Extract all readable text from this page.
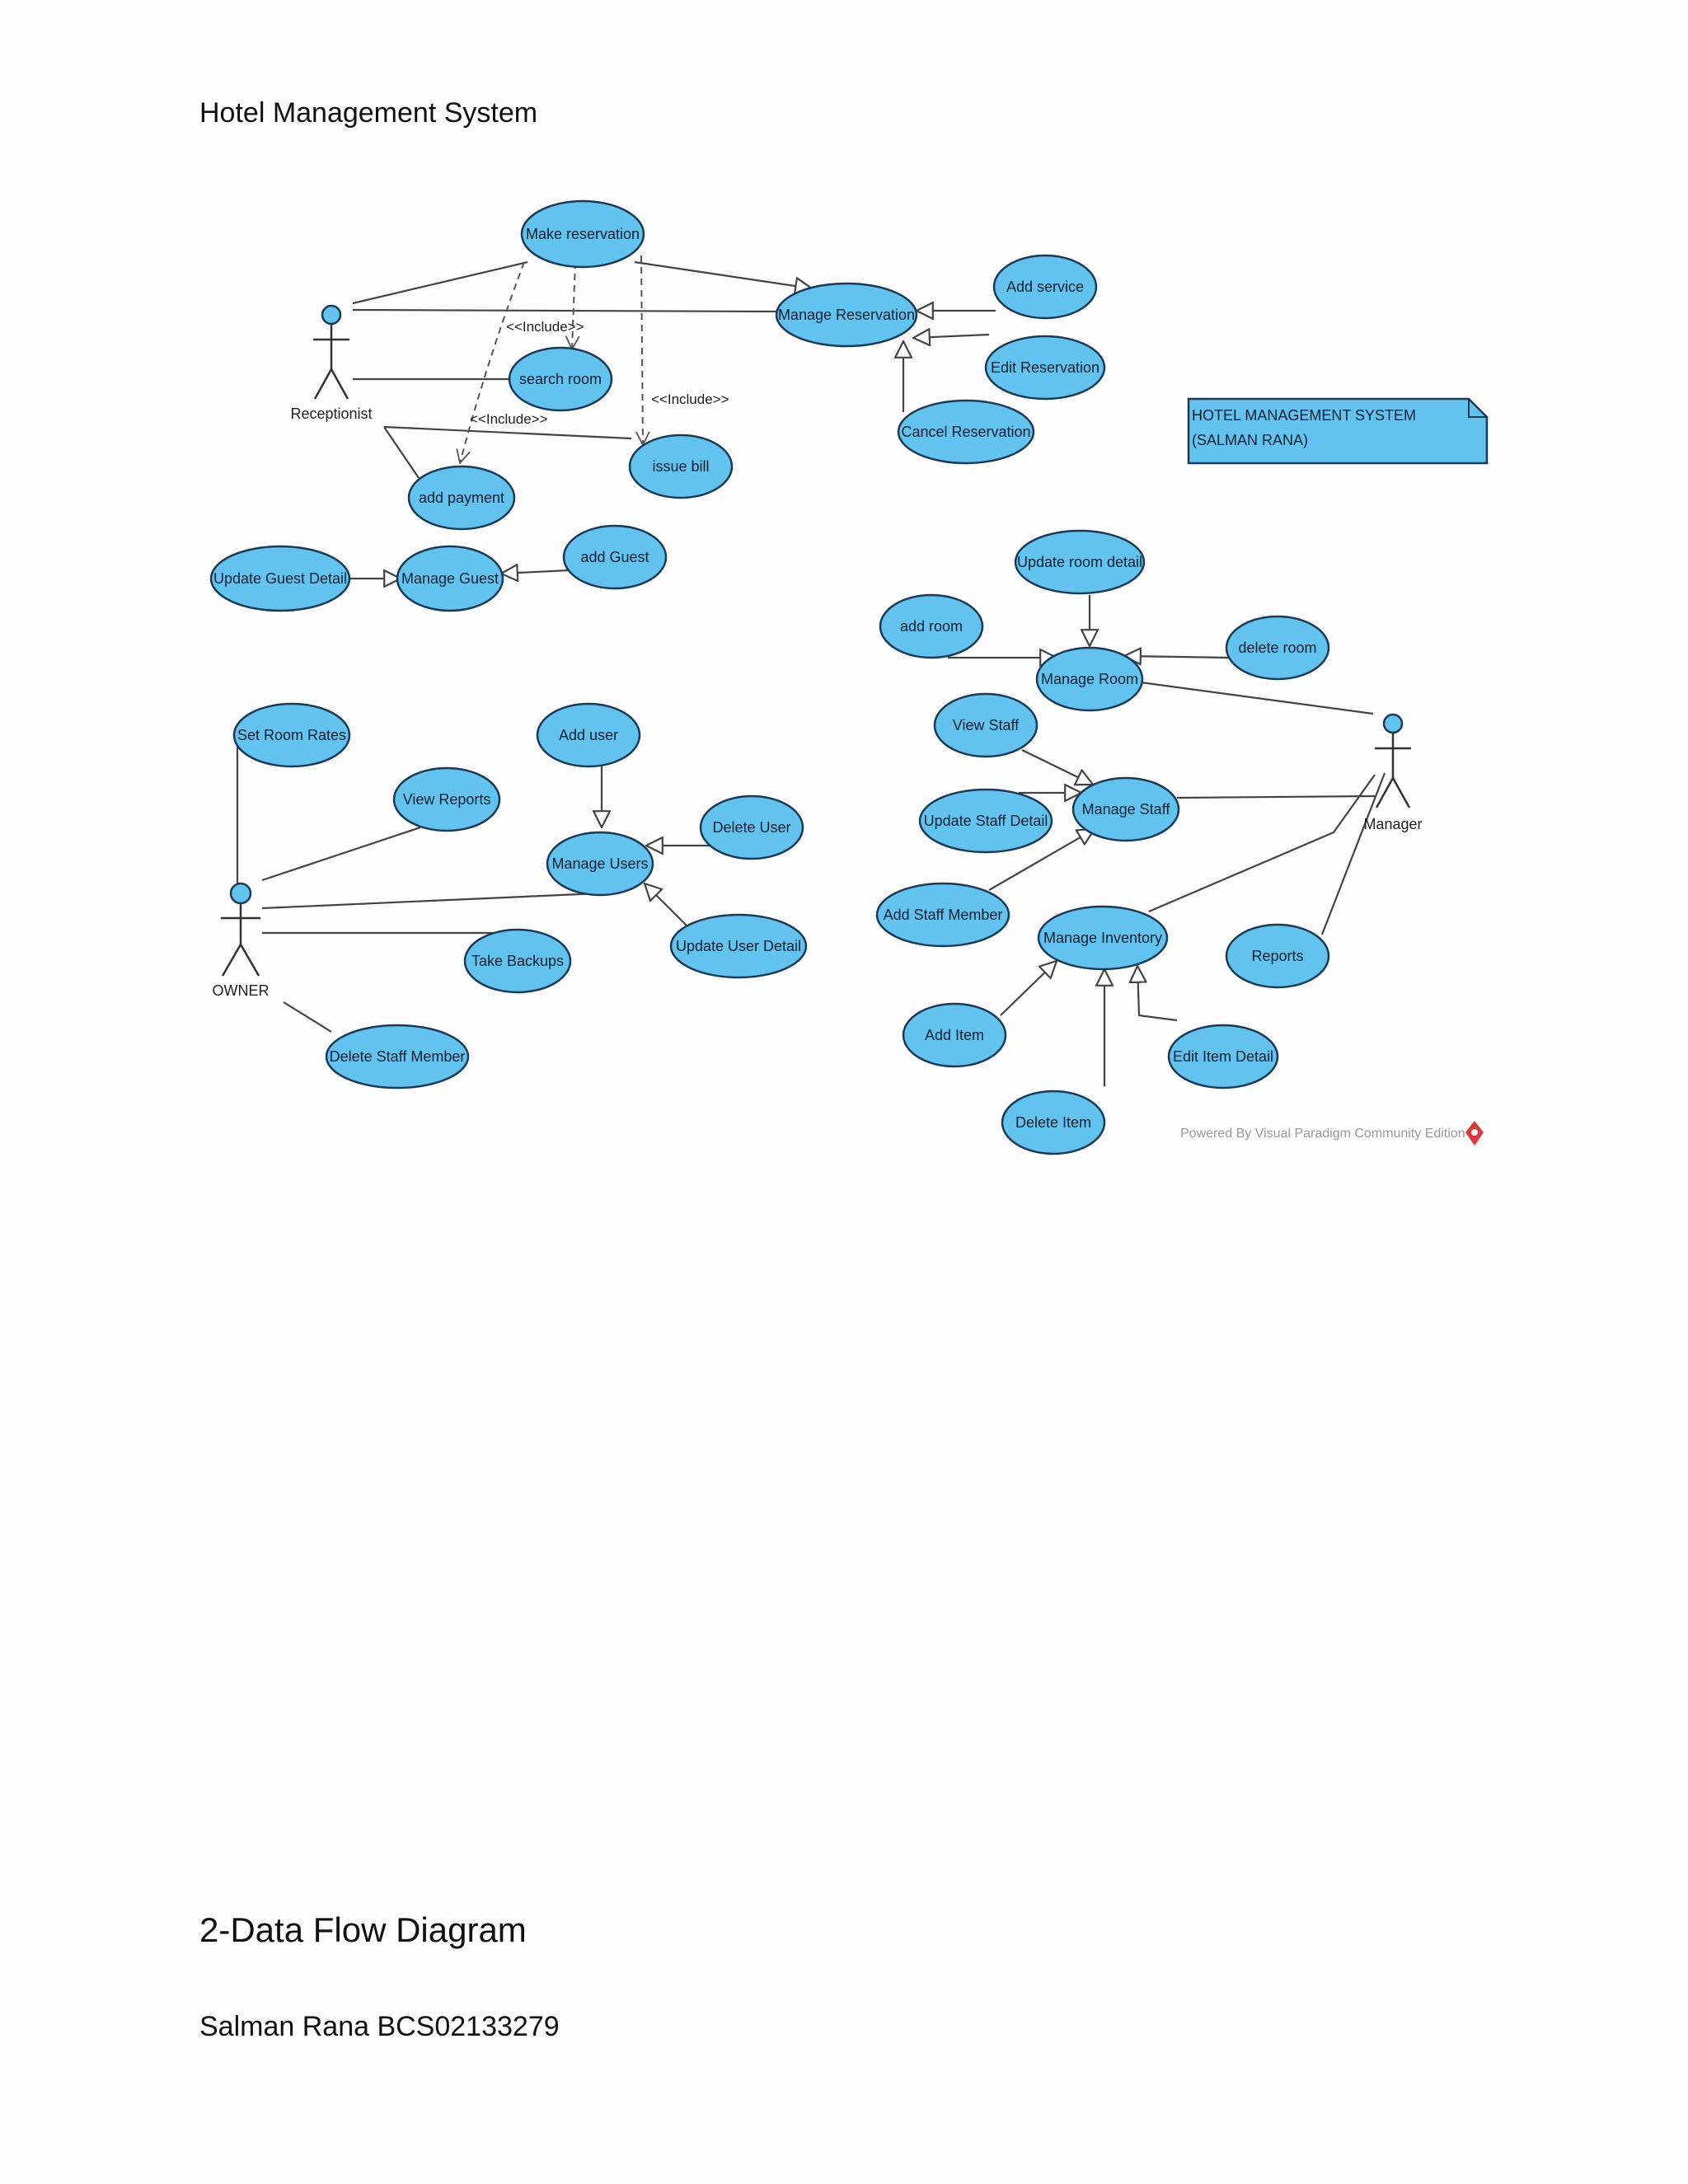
Hotel Management System
<<Include>>
<<Include>>
<<Include>>
Receptionist
Make reservation
Manage Reservation
Add service
Edit Reservation
Cancel Reservation
search room
issue bill
add payment
HOTEL MANAGEMENT SYSTEM
(SALMAN RANA)
Update Guest Detail	Manage Guest
add Guest
OWNER
Set Room Rates
View Reports
Add user
Delete User
Manage Users
Update User Detail
Take Backups
Delete Staff Member
Manager
Update room detail
add room
Manage Room
delete room
View Staff
Update Staff Detail
Manage Staff
Add Staff Member
Manage Inventory
Reports
Add Item
Delete Item
Edit Item Detail
Powered By Visual Paradigm Community Edition
2-Data Flow Diagram
Salman Rana BCS02133279
